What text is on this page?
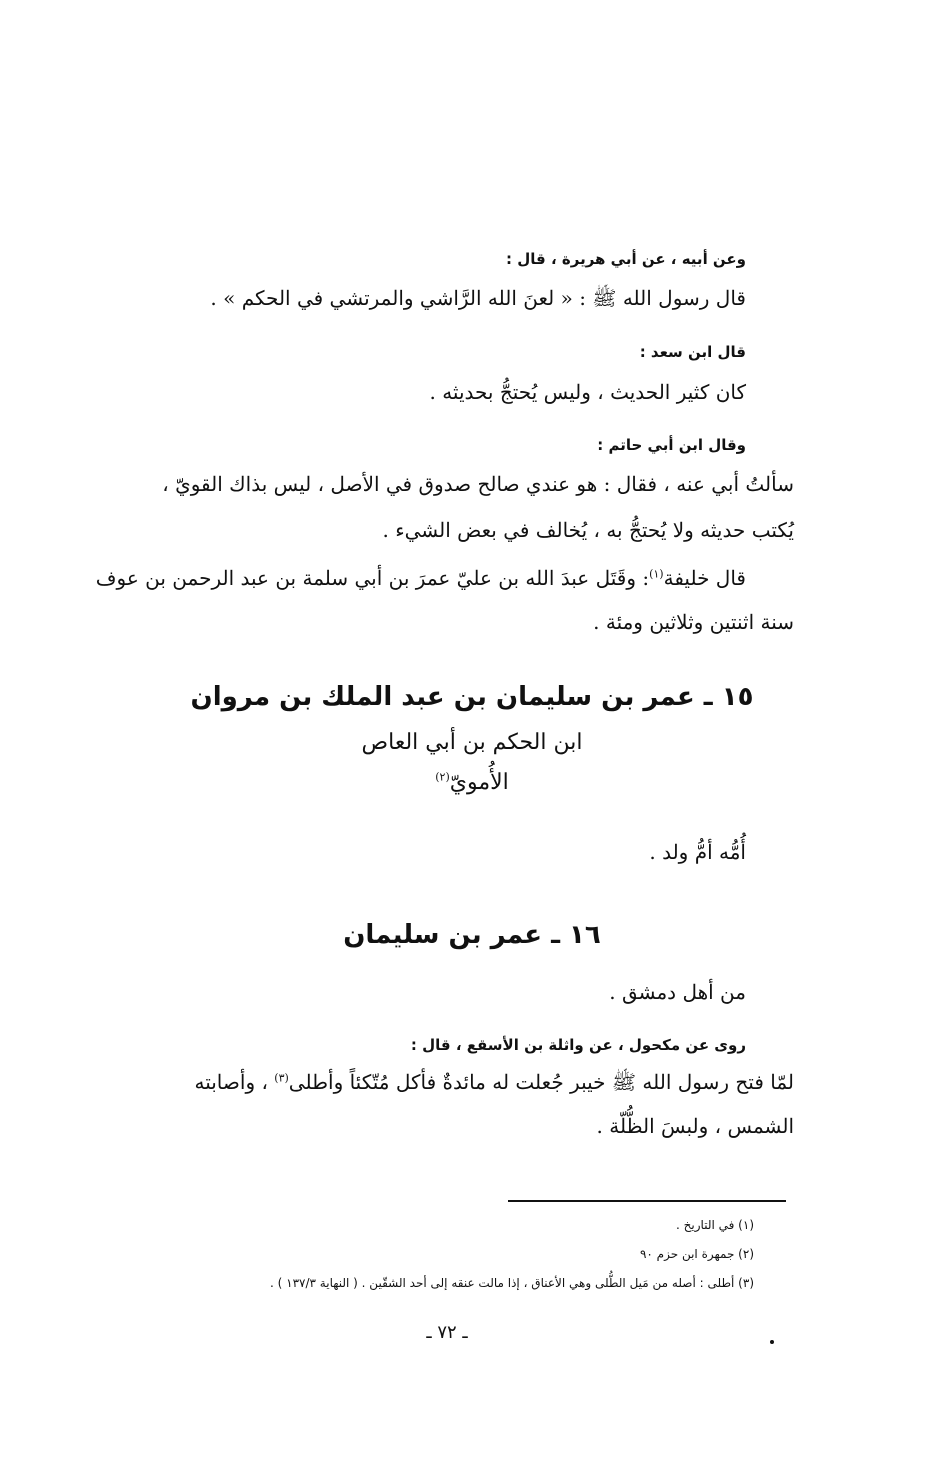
وعن أبيه ، عن أبي هريرة ، قال :
قال رسول الله ﷺ : « لعنَ الله الرَّاشي والمرتشي في الحكم » .
قال ابن سعد :
كان كثير الحديث ، وليس يُحتجُّ بحديثه .
وقال ابن أبي حاتم :
سألتُ أبي عنه ، فقال : هو عندي صالح صدوق في الأصل ، ليس بذاك القويّ ،
يُكتب حديثه ولا يُحتجُّ به ، يُخالف في بعض الشيء .
قال خليفة$^{(١)}$: وقَتَل عبدَ الله بن عليّ عمرَ بن أبي سلمة بن عبد الرحمن بن عوف
سنة اثنتين وثلاثين ومئة .
١٥ ـ عمر بن سليمان بن عبد الملك بن مروان
ابن الحكم بن أبي العاص
الأُمويّ$^{(٢)}$
أُمُّه أمُّ ولد .
١٦ ـ عمر بن سليمان
من أهل دمشق .
روى عن مكحول ، عن واثلة بن الأسقع ، قال :
لمّا فتح رسول الله ﷺ خيبر جُعلت له مائدةٌ فأكل مُتّكئاً وأطلى$^{(٣)}$ ، وأصابته
الشمس ، ولبسَ الظُّلّة .
(١) في التاريخ .
(٢) جمهرة ابن حزم ٩٠
(٣) أطلى : أصله من مَيل الطُّلى وهي الأعناق ، إذا مالت عنقه إلى أحد الشقّين . ( النهاية ١٣٧/٣ ) .
ـ ٧٢ ـ
